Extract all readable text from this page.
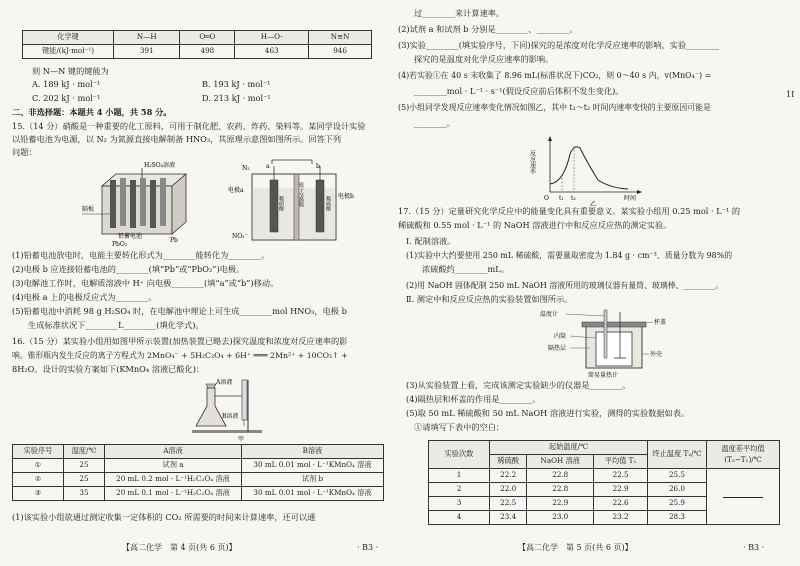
化学键	N—H	O═O	H—O-	N≡N
键能/(kJ·mol⁻¹)	391	498	463	946
则 N—N 键的键能为
A. 189 kJ · mol⁻¹	B. 193 kJ · mol⁻¹
C. 202 kJ · mol⁻¹	D. 213 kJ · mol⁻¹
二、非选择题：本题共 4 小题，共 58 分。
15.（14 分）硝酸是一种重要的化工原料，可用于制化肥、农药、炸药、染料等。某同学设计实验
以铅蓄电池为电源，以 N₂ 为氮源直接电解制备 HNO₃，其原理示意图如图所示。回答下列
问题：
H₂SO₄溶液
隔板
PbO₂
Pb
铅蓄电池
a	b
稀硝酸	质子交换膜	稀硫酸
N₂
电极a
电极b
NO₃⁻
(1)铅蓄电池放电时，电能主要转化形式为________能转化为________。
(2)电极 b 应连接铅蓄电池的________(填“Pb”或“PbO₂”)电极。
(3)电解池工作时，电解质溶液中 H⁺ 向电极________(填“a”或“b”)移动。
(4)电极 a 上的电极反应式为________。
(5)铅蓄电池中消耗 98 g H₂SO₄ 时，在电解池中理论上可生成________mol HNO₃，电极 b
生成标准状况下________L________(填化学式)。
16.（15 分）某实验小组用如图甲所示装置(加热装置已略去)探究温度和浓度对反应速率的影
响。锥形瓶内发生反应的离子方程式为 2MnO₄⁻ + 5H₂C₂O₄ + 6H⁺ ═══ 2Mn²⁺ + 10CO₂↑ +
8H₂O。设计的实验方案如下(KMnO₄ 溶液已酸化)：
A溶液
B溶液
甲
实验序号	温度/℃	A溶液	B溶液
①	25	试剂 a	30 mL 0.01 mol · L⁻¹KMnO₄ 溶液
②	25	20 mL 0.2 mol · L⁻¹H₂C₂O₄ 溶液	试剂 b
③	35	20 mL 0.1 mol · L⁻¹H₂C₂O₄ 溶液	30 mL 0.01 mol · L⁻¹KMnO₄ 溶液
(1)该实验小组欲通过测定收集一定体积的 CO₂ 所需要的时间来计算速率，还可以通
【高二化学　第 4 页(共 6 页)】	· B3 ·
过________来计算速率。
(2)试剂 a 和试剂 b 分别是________、________。
(3)实验________(填实验序号，下同)探究的是浓度对化学反应速率的影响，实验________
探究的是温度对化学反应速率的影响。
(4)若实验①在 40 s 末收集了 8.96 mL(标准状况下)CO₂，则 0～40 s 内，v(MnO₄⁻) =
________mol · L⁻¹ · s⁻¹(假设反应前后体积不发生变化)。
(5)小组同学发现反应速率变化情况如图乙，其中 t₁～t₂ 时间内速率变快的主要原因可能是
________。
反应速率
O t₁ t₂	时间
乙
17.（15 分）定量研究化学反应中的能量变化具有重要意义。某实验小组用 0.25 mol · L⁻¹ 的
稀硫酸和 0.55 mol · L⁻¹ 的 NaOH 溶液进行中和反应反应热的测定实验。
Ⅰ. 配制溶液。
(1)实验中大约要使用 250 mL 稀硫酸，需要量取密度为 1.84 g · cm⁻³、质量分数为 98%的
浓硫酸约________mL。
(2)用 NaOH 固体配制 250 mL NaOH 溶液所用的玻璃仪器有量筒、玻璃棒、________。
Ⅱ. 测定中和反应反应热的实验装置如图所示。
温度计
杯盖
内筒
隔热层
外壳
简易量热计
(3)从实验装置上看，完成该测定实验缺少的仪器是________。
(4)隔热层和杯盖的作用是________。
(5)取 50 mL 稀硫酸和 50 mL NaOH 溶液进行实验，测得的实验数据如表。
①请填写下表中的空白：
实验次数	起始温度/℃			终止温度 T₂/℃	温度差平均值 (T₂−T₁)/℃
	稀硫酸	NaOH 溶液	平均值 T₁		
1	22.2	22.8	22.5	25.5	
2	22.0	22.8	22.9	26.0	
3	22.5	22.9	22.6	25.9	
4	23.4	23.0	23.2	28.3	
【高二化学　第 5 页(共 6 页)】	· B3 ·
1I
